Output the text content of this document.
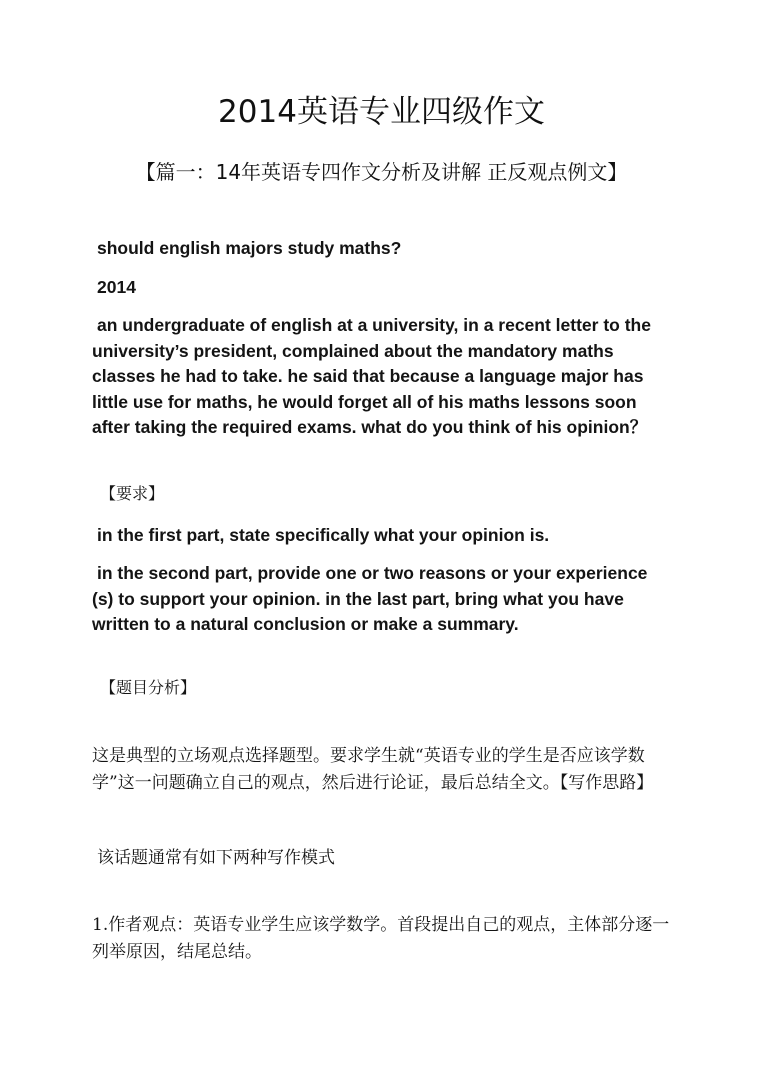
2014英语专业四级作文

【篇一：14年英语专四作文分析及讲解 正反观点例文】

should english majors study maths?

2014

an undergraduate of english at a university, in a recent letter to the university’s president, complained about the mandatory maths classes he had to take. he said that because a language major has little use for maths, he would forget all of his maths lessons soon after taking the required exams. what do you think of his opinion？

【要求】

in the first part, state specifically what your opinion is.

in the second part, provide one or two reasons or your experience (s) to support your opinion. in the last part, bring what you have written to a natural conclusion or make a summary.

【题目分析】

这是典型的立场观点选择题型。要求学生就“英语专业的学生是否应该学数学”这一问题确立自己的观点，然后进行论证，最后总结全文。【写作思路】

该话题通常有如下两种写作模式

1.作者观点：英语专业学生应该学数学。首段提出自己的观点，主体部分逐一列举原因，结尾总结。
